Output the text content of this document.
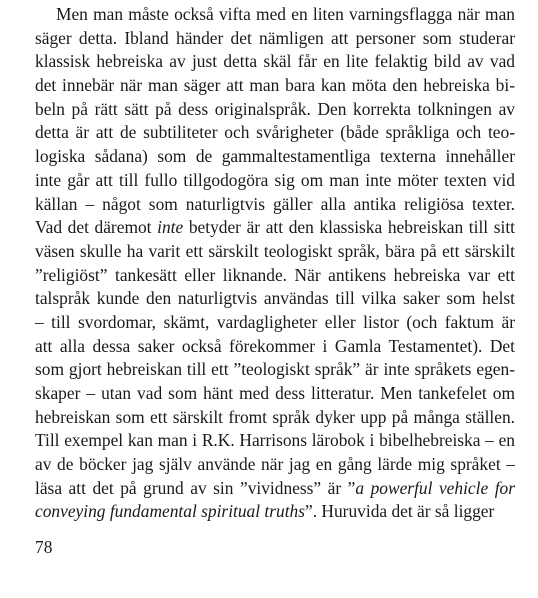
Men man måste också vifta med en liten varningsflagga när man
säger detta. Ibland händer det nämligen att personer som studerar
klassisk hebreiska av just detta skäl får en lite felaktig bild av vad
det innebär när man säger att man bara kan möta den hebreiska bi-
beln på rätt sätt på dess originalspråk. Den korrekta tolkningen av
detta är att de subtiliteter och svårigheter (både språkliga och teo-
logiska sådana) som de gammaltestamentliga texterna innehåller
inte går att till fullo tillgodogöra sig om man inte möter texten vid
källan – något som naturligtvis gäller alla antika religiösa texter.
Vad det däremot inte betyder är att den klassiska hebreiskan till sitt
väsen skulle ha varit ett särskilt teologiskt språk, bära på ett särskilt
”religiöst” tankesätt eller liknande. När antikens hebreiska var ett
talspråk kunde den naturligtvis användas till vilka saker som helst
– till svordomar, skämt, vardagligheter eller listor (och faktum är
att alla dessa saker också förekommer i Gamla Testamentet). Det
som gjort hebreiskan till ett ”teologiskt språk” är inte språkets egen-
skaper – utan vad som hänt med dess litteratur. Men tankefelet om
hebreiskan som ett särskilt fromt språk dyker upp på många ställen.
Till exempel kan man i R.K. Harrisons lärobok i bibelhebreiska – en
av de böcker jag själv använde när jag en gång lärde mig språket –
läsa att det på grund av sin ”vividness” är ”a powerful vehicle for
conveying fundamental spiritual truths”. Huruvida det är så ligger
78
